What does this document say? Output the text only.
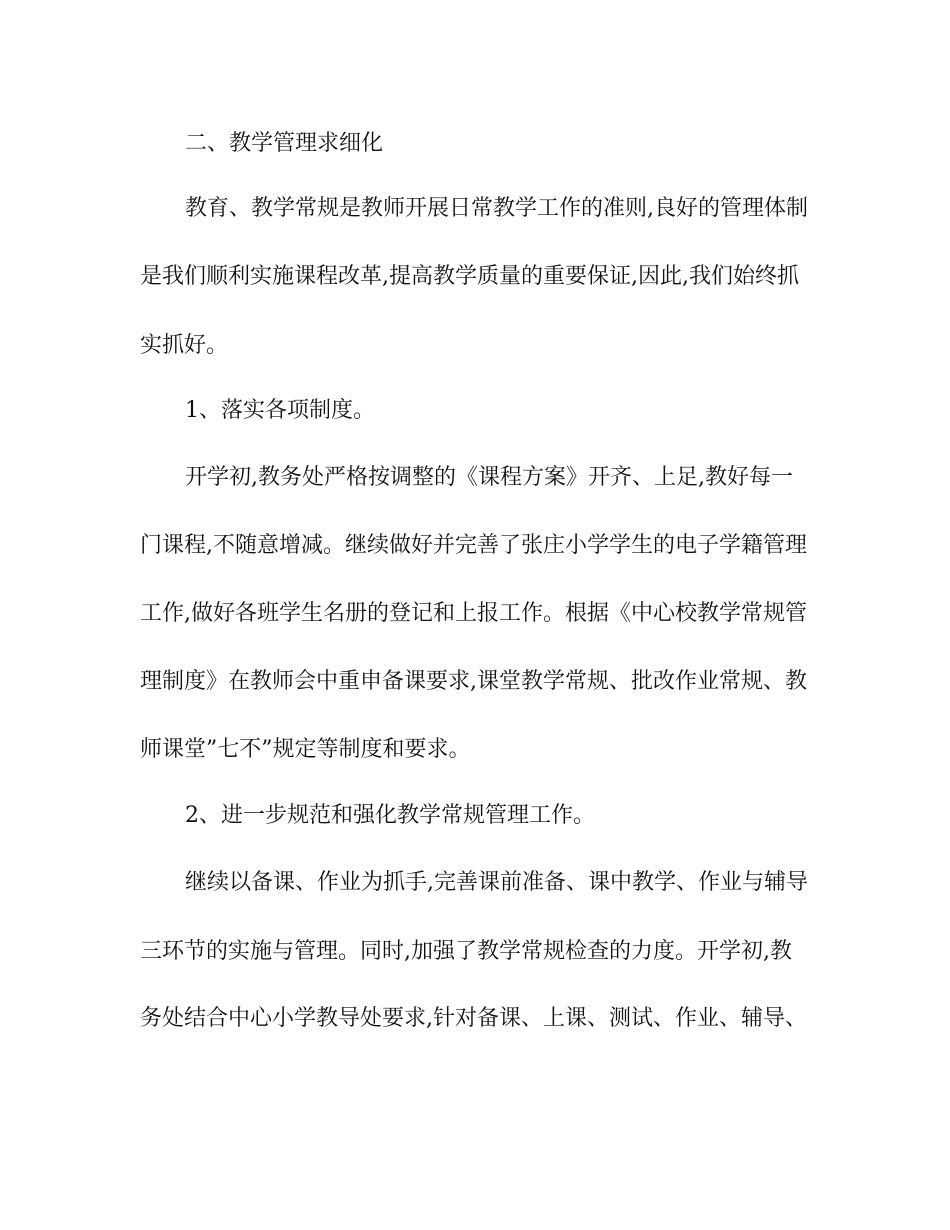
二、教学管理求细化

教育、教学常规是教师开展日常教学工作的准则,良好的管理体制

是我们顺利实施课程改革,提高教学质量的重要保证,因此,我们始终抓

实抓好。

1、落实各项制度。

开学初,教务处严格按调整的《课程方案》开齐、上足,教好每一

门课程,不随意增减。继续做好并完善了张庄小学学生的电子学籍管理

工作,做好各班学生名册的登记和上报工作。根据《中心校教学常规管

理制度》在教师会中重申备课要求,课堂教学常规、批改作业常规、教

师课堂”七不”规定等制度和要求。

2、进一步规范和强化教学常规管理工作。

继续以备课、作业为抓手,完善课前准备、课中教学、作业与辅导

三环节的实施与管理。同时,加强了教学常规检查的力度。开学初,教

务处结合中心小学教导处要求,针对备课、上课、测试、作业、辅导、
